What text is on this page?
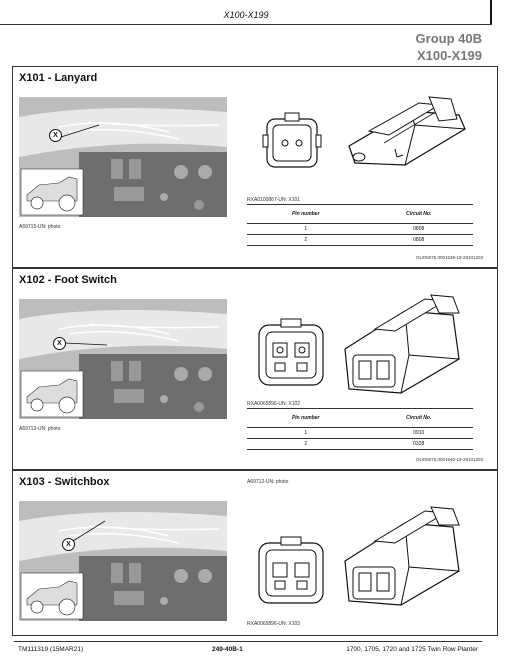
X100-X199
Group 40B
X100-X199
X101 - Lanyard
X
A69715-UN: photo
RXA0100867-UN: X101
Pin number	Circuit No.
1	0808
2	0808
OUO6075,0001539-19-28101203
X102 - Foot Switch
X
A69713-UN: photo
RXA0065896-UN: X102
Pin number	Circuit No.
1	0910
2	0328
OUO6075,0001540-19-28101203
X103 - Switchbox
X
A69712-UN: photo
RXA0065896-UN: X103
TM111319 (15MAR21)	249-40B-1	1700, 1705, 1720 and 1725 Twin Row Planter
